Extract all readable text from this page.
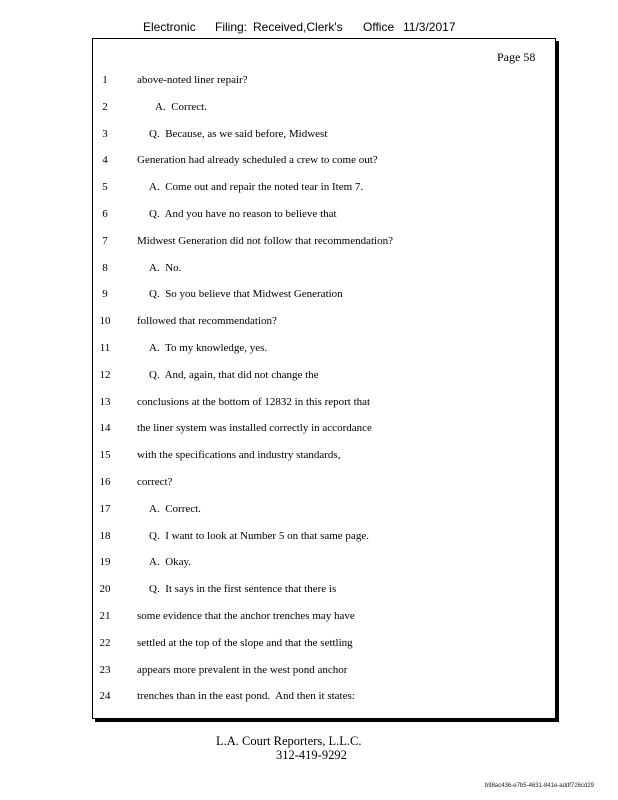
Electronic

Filing:

Received,Clerk's

Office

11/3/2017

Page 58
1	above-noted liner repair?
2	A.  Correct.
3	Q.  Because, as we said before, Midwest
4	Generation had already scheduled a crew to come out?
5	A.  Come out and repair the noted tear in Item 7.
6	Q.  And you have no reason to believe that
7	Midwest Generation did not follow that recommendation?
8	A.  No.
9	Q.  So you believe that Midwest Generation
10	followed that recommendation?
11	A.  To my knowledge, yes.
12	Q.  And, again, that did not change the
13	conclusions at the bottom of 12832 in this report that
14	the liner system was installed correctly in accordance
15	with the specifications and industry standards,
16	correct?
17	A.  Correct.
18	Q.  I want to look at Number 5 on that same page.
19	A.  Okay.
20	Q.  It says in the first sentence that there is
21	some evidence that the anchor trenches may have
22	settled at the top of the slope and that the settling
23	appears more prevalent in the west pond anchor
24	trenches than in the east pond.  And then it states:
L.A. Court Reporters, L.L.C.
312-419-9292
b98ac436-e7b5-4631-841e-addf726cd29
